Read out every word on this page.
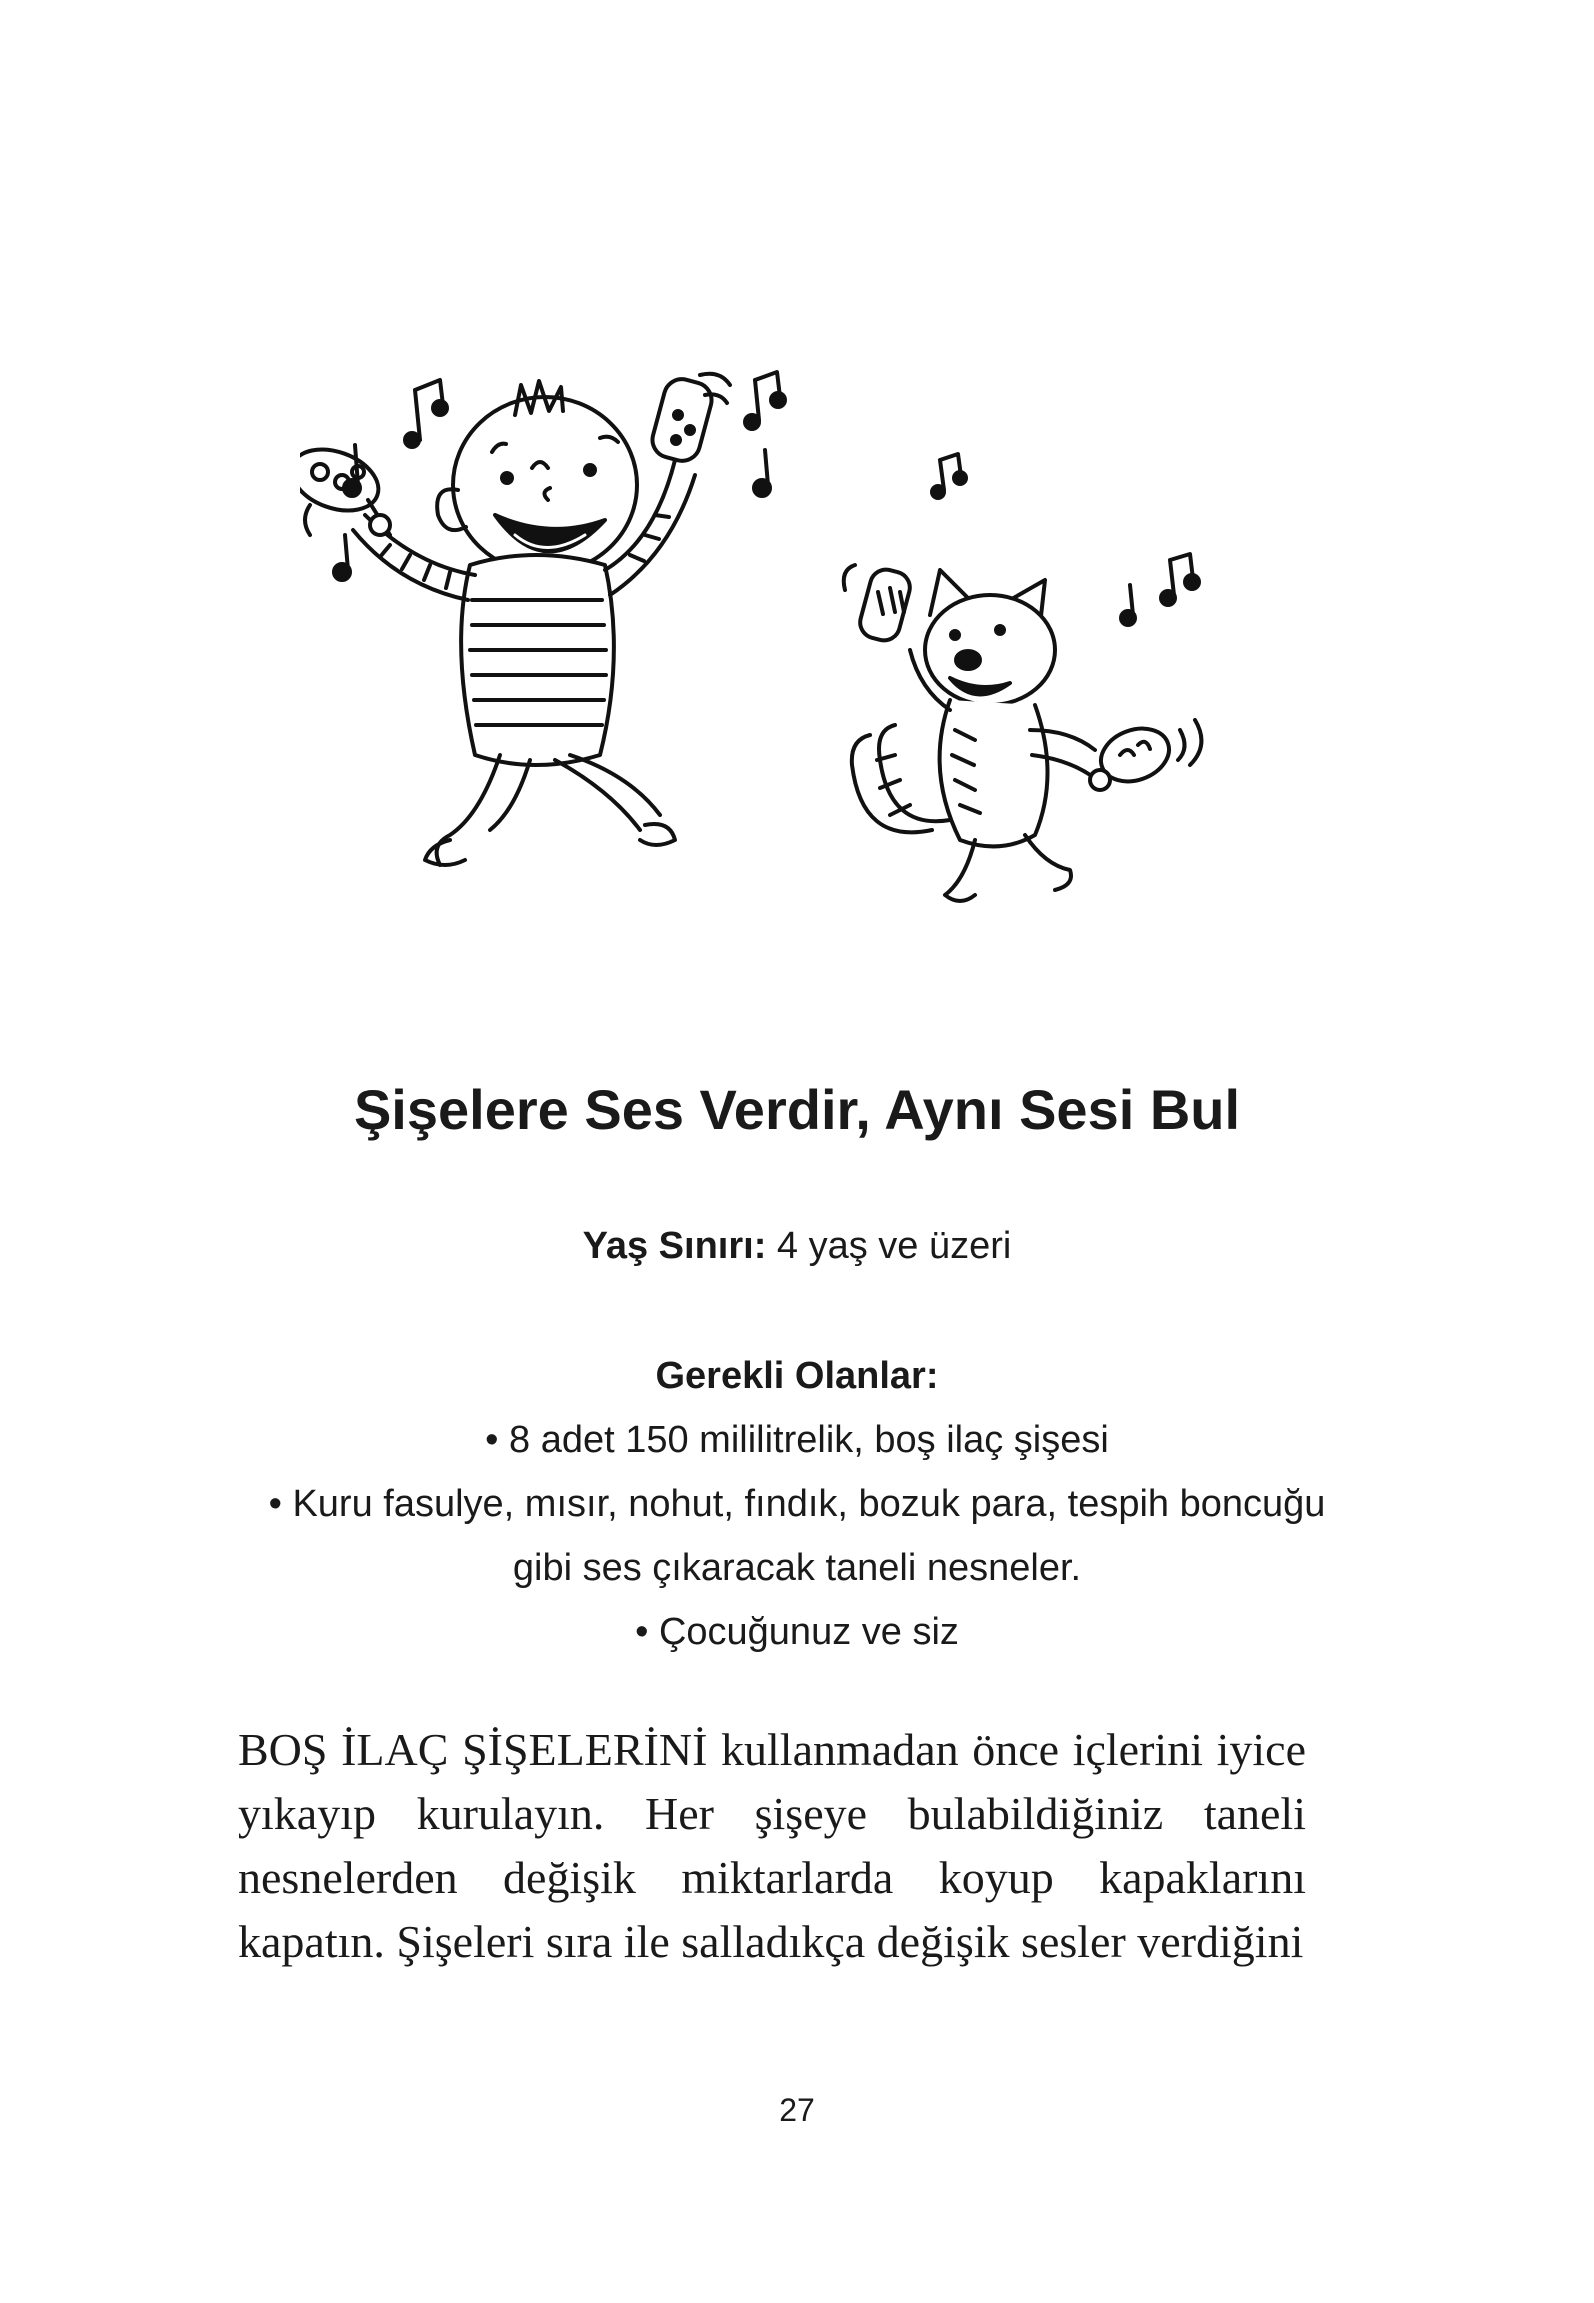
Şişelere Ses Verdir, Aynı Sesi Bul
Yaş Sınırı: 4 yaş ve üzeri
Gerekli Olanlar:
• 8 adet 150 mililitrelik, boş ilaç şişesi
• Kuru fasulye, mısır, nohut, fındık, bozuk para, tespih boncuğu gibi ses çıkaracak taneli nesneler.
• Çocuğunuz ve siz

BOŞ İLAÇ ŞİŞELERİNİ kullanmadan önce içlerini iyice yıkayıp kurulayın. Her şişeye bulabildiğiniz taneli nesnelerden değişik miktarlarda koyup kapaklarını kapatın. Şişeleri sıra ile salladıkça değişik sesler verdiğini

27
